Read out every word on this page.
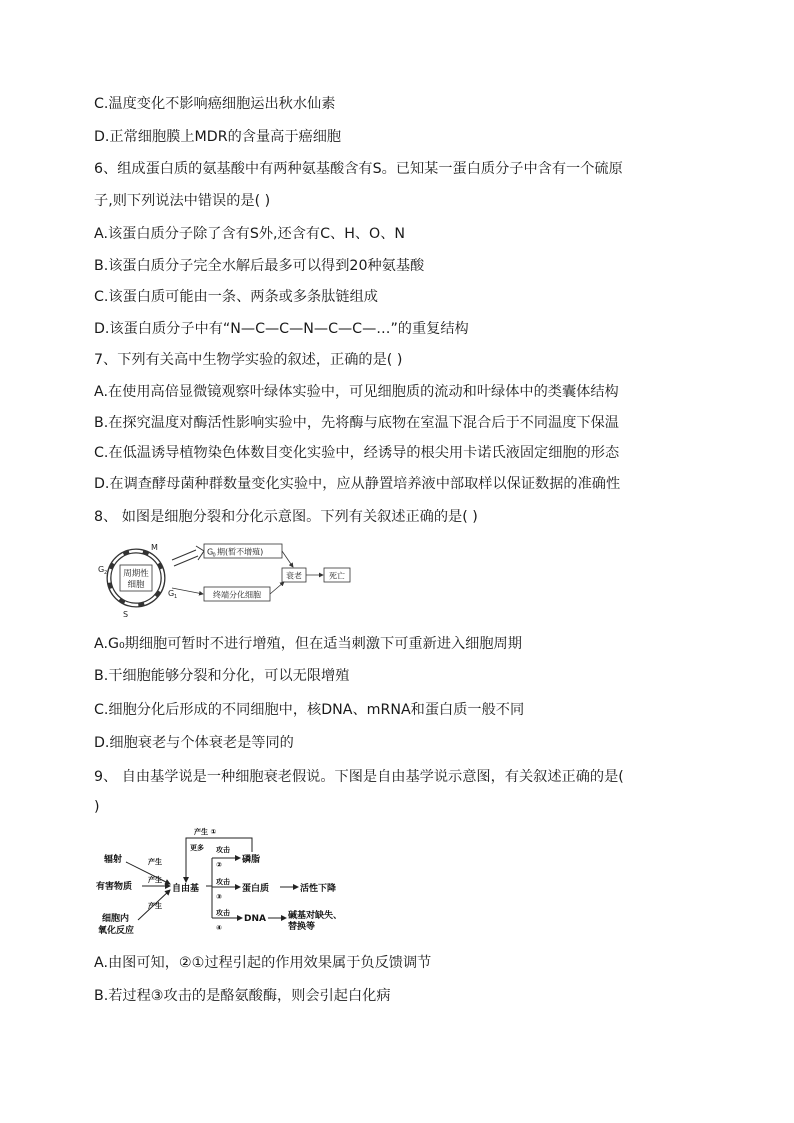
C.温度变化不影响癌细胞运出秋水仙素
D.正常细胞膜上MDR的含量高于癌细胞
6、组成蛋白质的氨基酸中有两种氨基酸含有S。已知某一蛋白质分子中含有一个硫原
子,则下列说法中错误的是( )
A.该蛋白质分子除了含有S外,还含有C、H、O、N
B.该蛋白质分子完全水解后最多可以得到20种氨基酸
C.该蛋白质可能由一条、两条或多条肽链组成
D.该蛋白质分子中有“N—C—C—N—C—C—…”的重复结构
7、下列有关高中生物学实验的叙述，正确的是( )
A.在使用高倍显微镜观察叶绿体实验中，可见细胞质的流动和叶绿体中的类囊体结构
B.在探究温度对酶活性影响实验中，先将酶与底物在室温下混合后于不同温度下保温
C.在低温诱导植物染色体数目变化实验中，经诱导的根尖用卡诺氏液固定细胞的形态
D.在调查酵母菌种群数量变化实验中，应从静置培养液中部取样以保证数据的准确性
8、 如图是细胞分裂和分化示意图。下列有关叙述正确的是( )
周期性
细胞
M
G 2
G 1
S
G 0 期(暂不增殖)
终端分化细胞
衰老	死亡
A.G₀期细胞可暂时不进行增殖，但在适当刺激下可重新进入细胞周期
B.干细胞能够分裂和分化，可以无限增殖
C.细胞分化后形成的不同细胞中，核DNA、mRNA和蛋白质一般不同
D.细胞衰老与个体衰老是等同的
9、 自由基学说是一种细胞衰老假说。下图是自由基学说示意图，有关叙述正确的是(
)
辐射
有害物质
细胞内
氧化反应
自由基
磷脂
蛋白质	活性下降
DNA 碱基对缺失、
替换等
产生
产生
产生
产生 ①
更多 攻击
②
攻击
③
攻击
④
A.由图可知，②①过程引起的作用效果属于负反馈调节
B.若过程③攻击的是酪氨酸酶，则会引起白化病
